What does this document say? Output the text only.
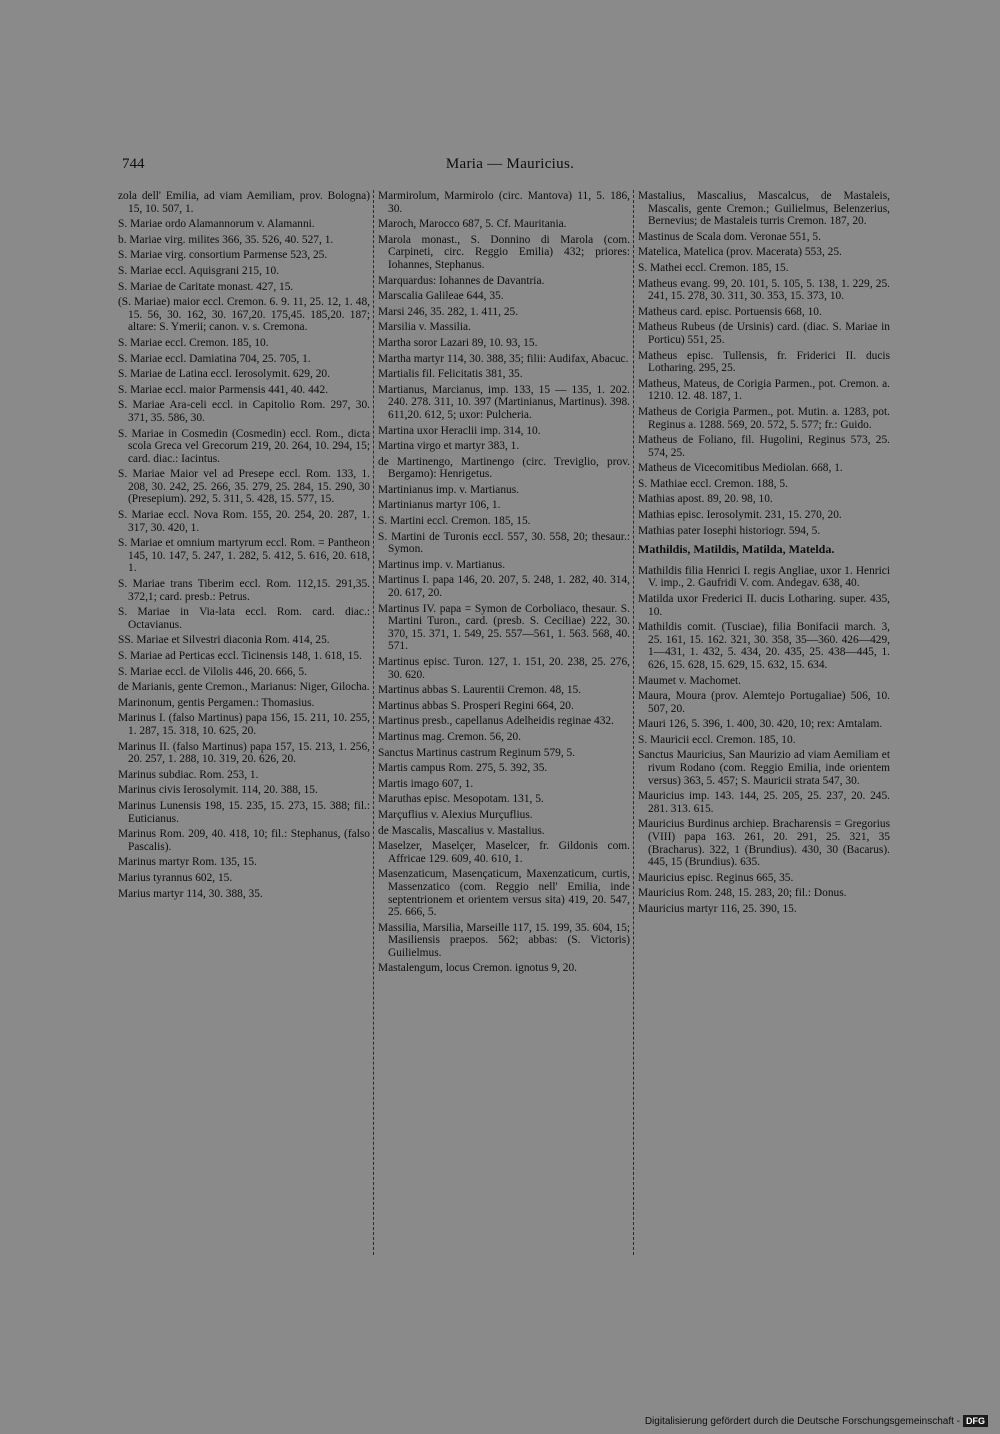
744	Maria — Mauricius.

zola dell' Emilia, ad viam Aemiliam, prov. Bologna) 15, 10. 507, 1.

S. Mariae ordo Alamannorum v. Alamanni.

b. Mariae virg. milites 366, 35. 526, 40. 527, 1.

S. Mariae virg. consortium Parmense 523, 25.

S. Mariae eccl. Aquisgrani 215, 10.

S. Mariae de Caritate monast. 427, 15.

(S. Mariae) maior eccl. Cremon. 6. 9. 11, 25. 12, 1. 48, 15. 56, 30. 162, 30. 167,20. 175,45. 185,20. 187; altare: S. Ymerii; canon. v. s. Cremona.

S. Mariae eccl. Cremon. 185, 10.

S. Mariae eccl. Damiatina 704, 25. 705, 1.

S. Mariae de Latina eccl. Ierosolymit. 629, 20.

S. Mariae eccl. maior Parmensis 441, 40. 442.

S. Mariae Ara-celi eccl. in Capitolio Rom. 297, 30. 371, 35. 586, 30.

S. Mariae in Cosmedin (Cosmedin) eccl. Rom., dicta scola Greca vel Grecorum 219, 20. 264, 10. 294, 15; card. diac.: Iacintus.

S. Mariae Maior vel ad Presepe eccl. Rom. 133, 1. 208, 30. 242, 25. 266, 35. 279, 25. 284, 15. 290, 30 (Presepium). 292, 5. 311, 5. 428, 15. 577, 15.

S. Mariae eccl. Nova Rom. 155, 20. 254, 20. 287, 1. 317, 30. 420, 1.

S. Mariae et omnium martyrum eccl. Rom. = Pantheon 145, 10. 147, 5. 247, 1. 282, 5. 412, 5. 616, 20. 618, 1.

S. Mariae trans Tiberim eccl. Rom. 112,15. 291,35. 372,1; card. presb.: Petrus.

S. Mariae in Via-lata eccl. Rom. card. diac.: Octavianus.

SS. Mariae et Silvestri diaconia Rom. 414, 25.

S. Mariae ad Perticas eccl. Ticinensis 148, 1. 618, 15.

S. Mariae eccl. de Vilolis 446, 20. 666, 5.

de Marianis, gente Cremon., Marianus: Niger, Gilocha.

Marinonum, gentis Pergamen.: Thomasius.

Marinus I. (falso Martinus) papa 156, 15. 211, 10. 255, 1. 287, 15. 318, 10. 625, 20.

Marinus II. (falso Martinus) papa 157, 15. 213, 1. 256, 20. 257, 1. 288, 10. 319, 20. 626, 20.

Marinus subdiac. Rom. 253, 1.

Marinus civis Ierosolymit. 114, 20. 388, 15.

Marinus Lunensis 198, 15. 235, 15. 273, 15. 388; fil.: Euticianus.

Marinus Rom. 209, 40. 418, 10; fil.: Stephanus, (falso Pascalis).

Marinus martyr Rom. 135, 15.

Marius tyrannus 602, 15.

Marius martyr 114, 30. 388, 35.

Marmirolum, Marmirolo (circ. Mantova) 11, 5. 186, 30.

Maroch, Marocco 687, 5. Cf. Mauritania.

Marola monast., S. Donnino di Marola (com. Carpineti, circ. Reggio Emilia) 432; priores: Iohannes, Stephanus.

Marquardus: Iohannes de Davantria.

Marscalia Galileae 644, 35.

Marsi 246, 35. 282, 1. 411, 25.

Marsilia v. Massilia.

Martha soror Lazari 89, 10. 93, 15.

Martha martyr 114, 30. 388, 35; filii: Audifax, Abacuc.

Martialis fil. Felicitatis 381, 35.

Martianus, Marcianus, imp. 133, 15 — 135, 1. 202. 240. 278. 311, 10. 397 (Martinianus, Martinus). 398. 611,20. 612, 5; uxor: Pulcheria.

Martina uxor Heraclii imp. 314, 10.

Martina virgo et martyr 383, 1.

de Martinengo, Martinengo (circ. Treviglio, prov. Bergamo): Henrigetus.

Martinianus imp. v. Martianus.

Martinianus martyr 106, 1.

S. Martini eccl. Cremon. 185, 15.

S. Martini de Turonis eccl. 557, 30. 558, 20; thesaur.: Symon.

Martinus imp. v. Martianus.

Martinus I. papa 146, 20. 207, 5. 248, 1. 282, 40. 314, 20. 617, 20.

Martinus IV. papa = Symon de Corboliaco, thesaur. S. Martini Turon., card. (presb. S. Ceciliae) 222, 30. 370, 15. 371, 1. 549, 25. 557—561, 1. 563. 568, 40. 571.

Martinus episc. Turon. 127, 1. 151, 20. 238, 25. 276, 30. 620.

Martinus abbas S. Laurentii Cremon. 48, 15.

Martinus abbas S. Prosperi Regini 664, 20.

Martinus presb., capellanus Adelheidis reginae 432.

Martinus mag. Cremon. 56, 20.

Sanctus Martinus castrum Reginum 579, 5.

Martis campus Rom. 275, 5. 392, 35.

Martis imago 607, 1.

Maruthas episc. Mesopotam. 131, 5.

Marçuflius v. Alexius Murçuflius.

de Mascalis, Mascalius v. Mastalius.

Maselzer, Maselçer, Maselcer, fr. Gildonis com. Affricae 129. 609, 40. 610, 1.

Masenzaticum, Masençaticum, Maxenzaticum, curtis, Massenzatico (com. Reggio nell' Emilia, inde septentrionem et orientem versus sita) 419, 20. 547, 25. 666, 5.

Massilia, Marsilia, Marseille 117, 15. 199, 35. 604, 15; Masiliensis praepos. 562; abbas: (S. Victoris) Guilielmus.

Mastalengum, locus Cremon. ignotus 9, 20.

Mastalius, Mascalius, Mascalcus, de Mastaleis, Mascalis, gente Cremon.; Guilielmus, Belenzerius, Bernevius; de Mastaleis turris Cremon. 187, 20.

Mastinus de Scala dom. Veronae 551, 5.

Matelica, Matelica (prov. Macerata) 553, 25.

S. Mathei eccl. Cremon. 185, 15.

Matheus evang. 99, 20. 101, 5. 105, 5. 138, 1. 229, 25. 241, 15. 278, 30. 311, 30. 353, 15. 373, 10.

Matheus card. episc. Portuensis 668, 10.

Matheus Rubeus (de Ursinis) card. (diac. S. Mariae in Porticu) 551, 25.

Matheus episc. Tullensis, fr. Friderici II. ducis Lotharing. 295, 25.

Matheus, Mateus, de Corigia Parmen., pot. Cremon. a. 1210. 12. 48. 187, 1.

Matheus de Corigia Parmen., pot. Mutin. a. 1283, pot. Reginus a. 1288. 569, 20. 572, 5. 577; fr.: Guido.

Matheus de Foliano, fil. Hugolini, Reginus 573, 25. 574, 25.

Matheus de Vicecomitibus Mediolan. 668, 1.

S. Mathiae eccl. Cremon. 188, 5.

Mathias apost. 89, 20. 98, 10.

Mathias episc. Ierosolymit. 231, 15. 270, 20.

Mathias pater Iosephi historiogr. 594, 5.

Mathildis, Matildis, Matilda, Matelda.

Mathildis filia Henrici I. regis Angliae, uxor 1. Henrici V. imp., 2. Gaufridi V. com. Andegav. 638, 40.

Matilda uxor Frederici II. ducis Lotharing. super. 435, 10.

Mathildis comit. (Tusciae), filia Bonifacii march. 3, 25. 161, 15. 162. 321, 30. 358, 35—360. 426—429, 1—431, 1. 432, 5. 434, 20. 435, 25. 438—445, 1. 626, 15. 628, 15. 629, 15. 632, 15. 634.

Maumet v. Machomet.

Maura, Moura (prov. Alemtejo Portugaliae) 506, 10. 507, 20.

Mauri 126, 5. 396, 1. 400, 30. 420, 10; rex: Amtalam.

S. Mauricii eccl. Cremon. 185, 10.

Sanctus Mauricius, San Maurizio ad viam Aemiliam et rivum Rodano (com. Reggio Emilia, inde orientem versus) 363, 5. 457; S. Mauricii strata 547, 30.

Mauricius imp. 143. 144, 25. 205, 25. 237, 20. 245. 281. 313. 615.

Mauricius Burdinus archiep. Bracharensis = Gregorius (VIII) papa 163. 261, 20. 291, 25. 321, 35 (Bracharus). 322, 1 (Brundius). 430, 30 (Bacarus). 445, 15 (Brundius). 635.

Mauricius episc. Reginus 665, 35.

Mauricius Rom. 248, 15. 283, 20; fil.: Donus.

Mauricius martyr 116, 25. 390, 15.

Digitalisierung gefördert durch die Deutsche Forschungsgemeinschaft - DFG
